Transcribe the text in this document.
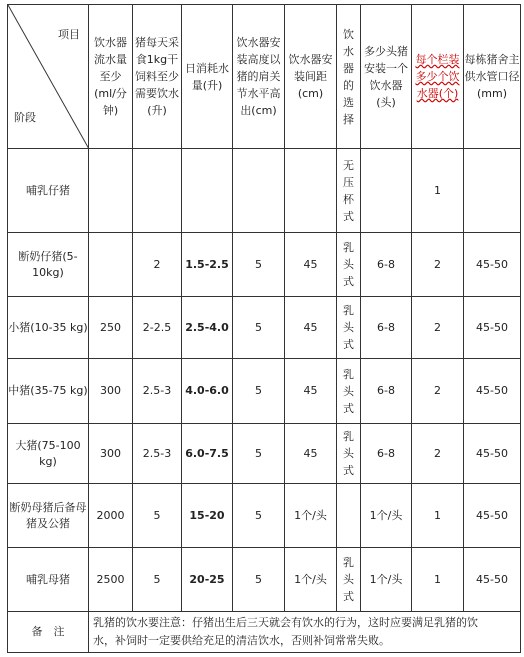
项目
阶段	饮水器流水量至少(ml/分钟)	猪每天采食1kg干饲料至少需要饮水(升)	日消耗水量(升)	饮水器安装高度以猪的肩关节水平高出(cm)	饮水器安装间距(cm)	饮水器的选择	多少头猪安装一个饮水器(头)	每个栏装多少个饮水器(个)	每栋猪舍主供水管口径(mm)
哺乳仔猪						无压杯式		1	
断奶仔猪(5-10kg)		2	1.5-2.5	5	45	乳头式	6-8	2	45-50
小猪(10-35 kg)	250	2-2.5	2.5-4.0	5	45	乳头式	6-8	2	45-50
中猪(35-75 kg)	300	2.5-3	4.0-6.0	5	45	乳头式	6-8	2	45-50
大猪(75-100 kg)	300	2.5-3	6.0-7.5	5	45	乳头式	6-8	2	45-50
断奶母猪后备母猪及公猪	2000	5	15-20	5	1个/头		1个/头	1	45-50
哺乳母猪	2500	5	20-25	5	1个/头	乳头式	1个/头	1	45-50
备　注	乳猪的饮水要注意：仔猪出生后三天就会有饮水的行为，这时应要满足乳猪的饮
水，补饲时一定要供给充足的清洁饮水，否则补饲常常失败。								
